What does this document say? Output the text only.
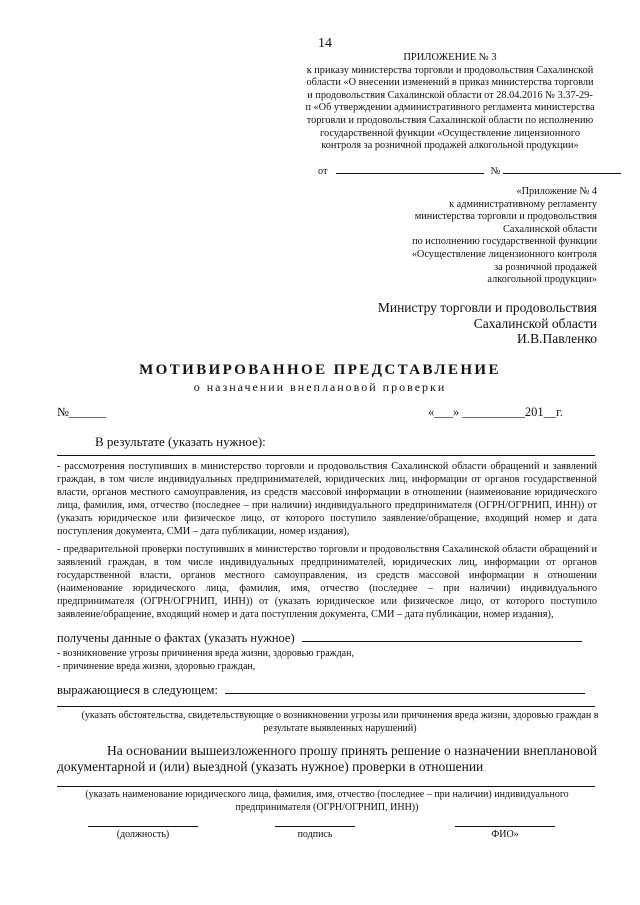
14
ПРИЛОЖЕНИЕ № 3
к приказу министерства торговли и продовольствия Сахалинской области «О внесении изменений в приказ министерства торговли и продовольствия Сахалинской области от 28.04.2016 № 3.37-29-п «Об утверждении административного регламента министерства торговли и продовольствия Сахалинской области по исполнению государственной функции «Осуществление лицензионного контроля за розничной продажей алкогольной продукции»
от	№
«Приложение № 4
к административному регламенту
министерства торговли и продовольствия
Сахалинской области
по исполнению государственной функции
«Осуществление лицензионного контроля
за розничной продажей
алкогольной продукции»
Министру торговли и продовольствия
Сахалинской области
И.В.Павленко
МОТИВИРОВАННОЕ ПРЕДСТАВЛЕНИЕ
о назначении внеплановой проверки
№______	«___» __________201__г.
В результате (указать нужное):
- рассмотрения поступивших в министерство торговли и продовольствия Сахалинской области обращений и заявлений граждан, в том числе индивидуальных предпринимателей, юридических лиц, информации от органов государственной власти, органов местного самоуправления, из средств массовой информации в отношении (наименование юридического лица, фамилия, имя, отчество (последнее – при наличии) индивидуального предпринимателя (ОГРН/ОГРНИП, ИНН)) от (указать юридическое или физическое лицо, от которого поступило заявление/обращение, входящий номер и дата поступления документа, СМИ – дата публикации, номер издания),
- предварительной проверки поступивших в министерство торговли и продовольствия Сахалинской области обращений и заявлений граждан, в том числе индивидуальных предпринимателей, юридических лиц, информации от органов государственной власти, органов местного самоуправления, из средств массовой информации в отношении (наименование юридического лица, фамилия, имя, отчество (последнее – при наличии) индивидуального предпринимателя (ОГРН/ОГРНИП, ИНН)) от (указать юридическое или физическое лицо, от которого поступило заявление/обращение, входящий номер и дата поступления документа, СМИ – дата публикации, номер издания),
получены данные о фактах (указать нужное)
- возникновение угрозы причинения вреда жизни, здоровью граждан,
- причинение вреда жизни, здоровью граждан,
выражающиеся в следующем:
(указать обстоятельства, свидетельствующие о возникновении угрозы или причинения вреда жизни, здоровью граждан в результате выявленных нарушений)
На основании вышеизложенного прошу принять решение о назначении внеплановой документарной и (или) выездной (указать нужное) проверки в отношении
(указать наименование юридического лица, фамилия, имя, отчество (последнее – при наличии) индивидуального предпринимателя (ОГРН/ОГРНИП, ИНН))
(должность)	подпись	ФИО»
